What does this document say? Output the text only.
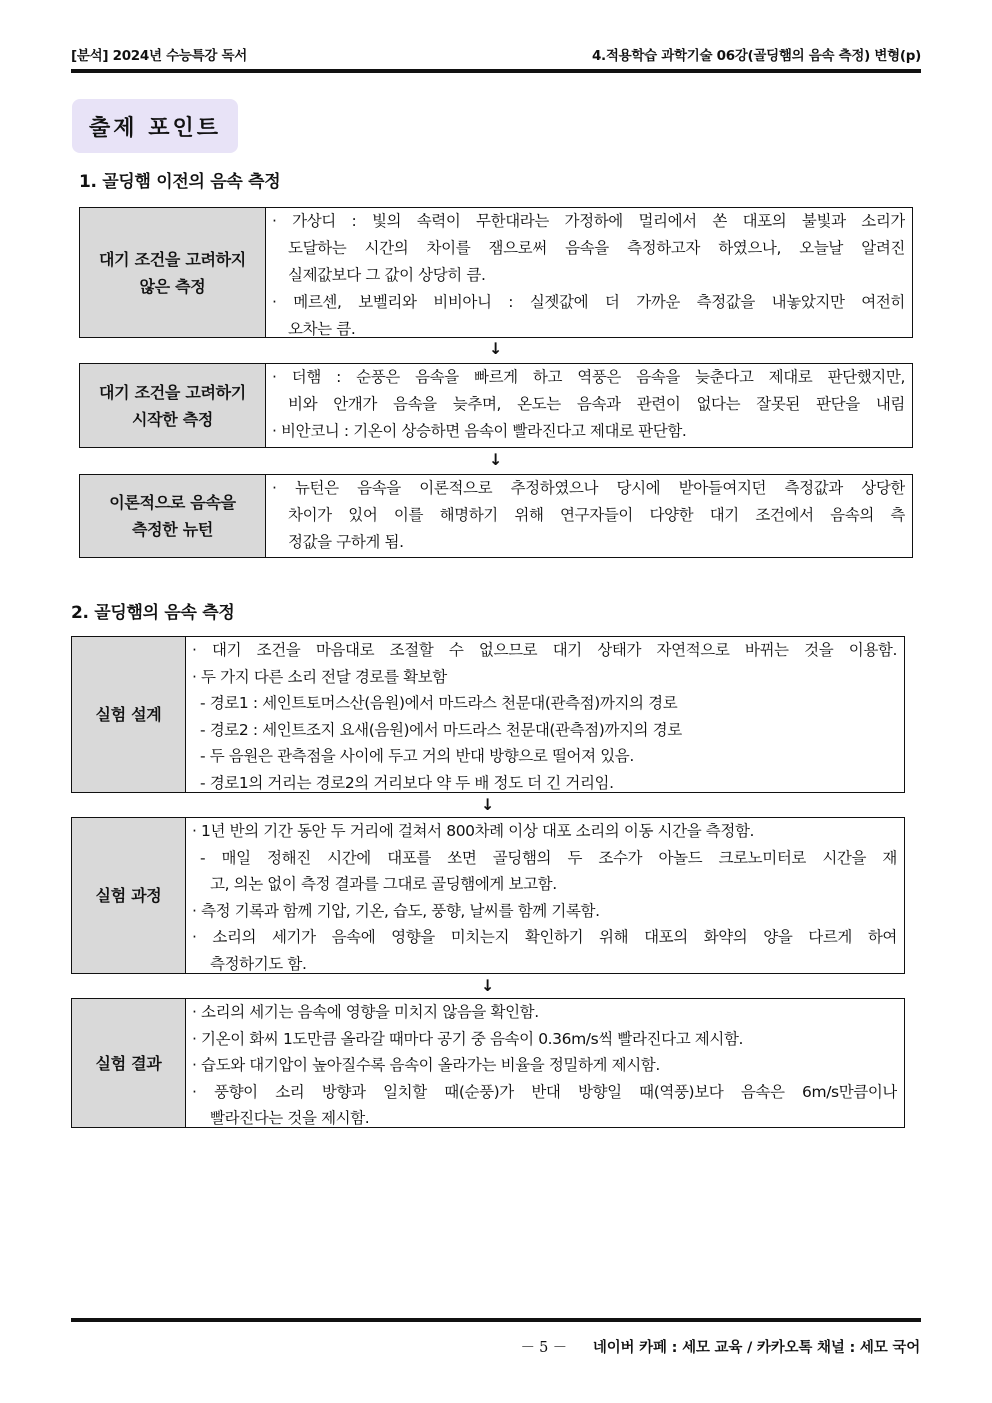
[분석] 2024년 수능특강 독서	4.적용학습 과학기술 06강(골딩햄의 음속 측정) 변형(p)
출제 포인트
1. 골딩햄 이전의 음속 측정
대기 조건을 고려하지
않은 측정
· 가상디 : 빛의 속력이 무한대라는 가정하에 멀리에서 쏜 대포의 불빛과 소리가
도달하는 시간의 차이를 잼으로써 음속을 측정하고자 하였으나, 오늘날 알려진
실제값보다 그 값이 상당히 큼.
· 메르센, 보벨리와 비비아니 : 실젯값에 더 가까운 측정값을 내놓았지만 여전히
오차는 큼.
↓
대기 조건을 고려하기
시작한 측정
· 더햄 : 순풍은 음속을 빠르게 하고 역풍은 음속을 늦춘다고 제대로 판단했지만,
비와 안개가 음속을 늦추며, 온도는 음속과 관련이 없다는 잘못된 판단을 내림
· 비안코니 : 기온이 상승하면 음속이 빨라진다고 제대로 판단함.
↓
이론적으로 음속을
측정한 뉴턴
· 뉴턴은 음속을 이론적으로 추정하였으나 당시에 받아들여지던 측정값과 상당한
차이가 있어 이를 해명하기 위해 연구자들이 다양한 대기 조건에서 음속의 측
정값을 구하게 됨.
2. 골딩햄의 음속 측정
실험 설계
· 대기 조건을 마음대로 조절할 수 없으므로 대기 상태가 자연적으로 바뀌는 것을 이용함.
· 두 가지 다른 소리 전달 경로를 확보함
- 경로1 : 세인트토머스산(음원)에서 마드라스 천문대(관측점)까지의 경로
- 경로2 : 세인트조지 요새(음원)에서 마드라스 천문대(관측점)까지의 경로
- 두 음원은 관측점을 사이에 두고 거의 반대 방향으로 떨어져 있음.
- 경로1의 거리는 경로2의 거리보다 약 두 배 정도 더 긴 거리임.
↓
실험 과정
· 1년 반의 기간 동안 두 거리에 걸쳐서 800차례 이상 대포 소리의 이동 시간을 측정함.
- 매일 정해진 시간에 대포를 쏘면 골딩햄의 두 조수가 아놀드 크로노미터로 시간을 재
고, 의논 없이 측정 결과를 그대로 골딩햄에게 보고함.
· 측정 기록과 함께 기압, 기온, 습도, 풍향, 날씨를 함께 기록함.
· 소리의 세기가 음속에 영향을 미치는지 확인하기 위해 대포의 화약의 양을 다르게 하여
측정하기도 함.
↓
실험 결과
· 소리의 세기는 음속에 영향을 미치지 않음을 확인함.
· 기온이 화씨 1도만큼 올라갈 때마다 공기 중 음속이 0.36m/s씩 빨라진다고 제시함.
· 습도와 대기압이 높아질수록 음속이 올라가는 비율을 정밀하게 제시함.
· 풍향이 소리 방향과 일치할 때(순풍)가 반대 방향일 때(역풍)보다 음속은 6m/s만큼이나
빨라진다는 것을 제시함.
－ 5 － 네이버 카페 : 세모 교육 / 카카오톡 채널 : 세모 국어
